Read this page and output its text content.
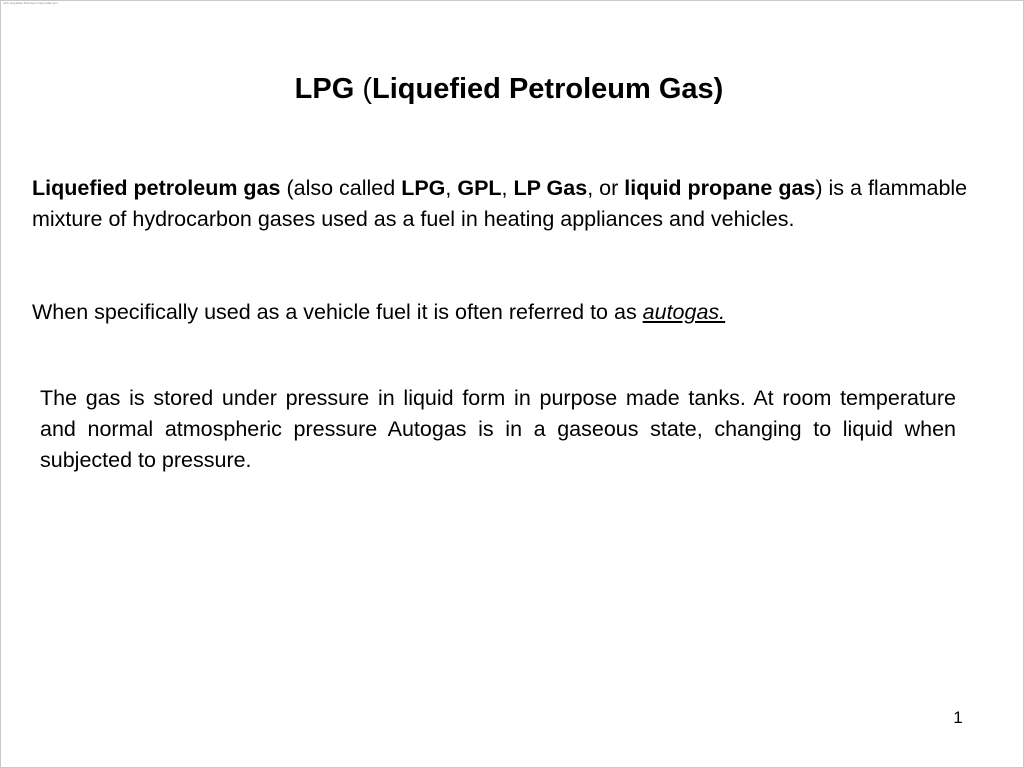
LPG (Liquefied Petroleum Gas) slide text
LPG (Liquefied Petroleum Gas)

Liquefied petroleum gas (also called LPG, GPL, LP Gas, or liquid propane gas) is a flammable mixture of hydrocarbon gases used as a fuel in heating appliances and vehicles.

When specifically used as a vehicle fuel it is often referred to as autogas.

The gas is stored under pressure in liquid form in purpose made tanks. At room temperature and normal atmospheric pressure Autogas is in a gaseous state, changing to liquid when subjected to pressure.

1
